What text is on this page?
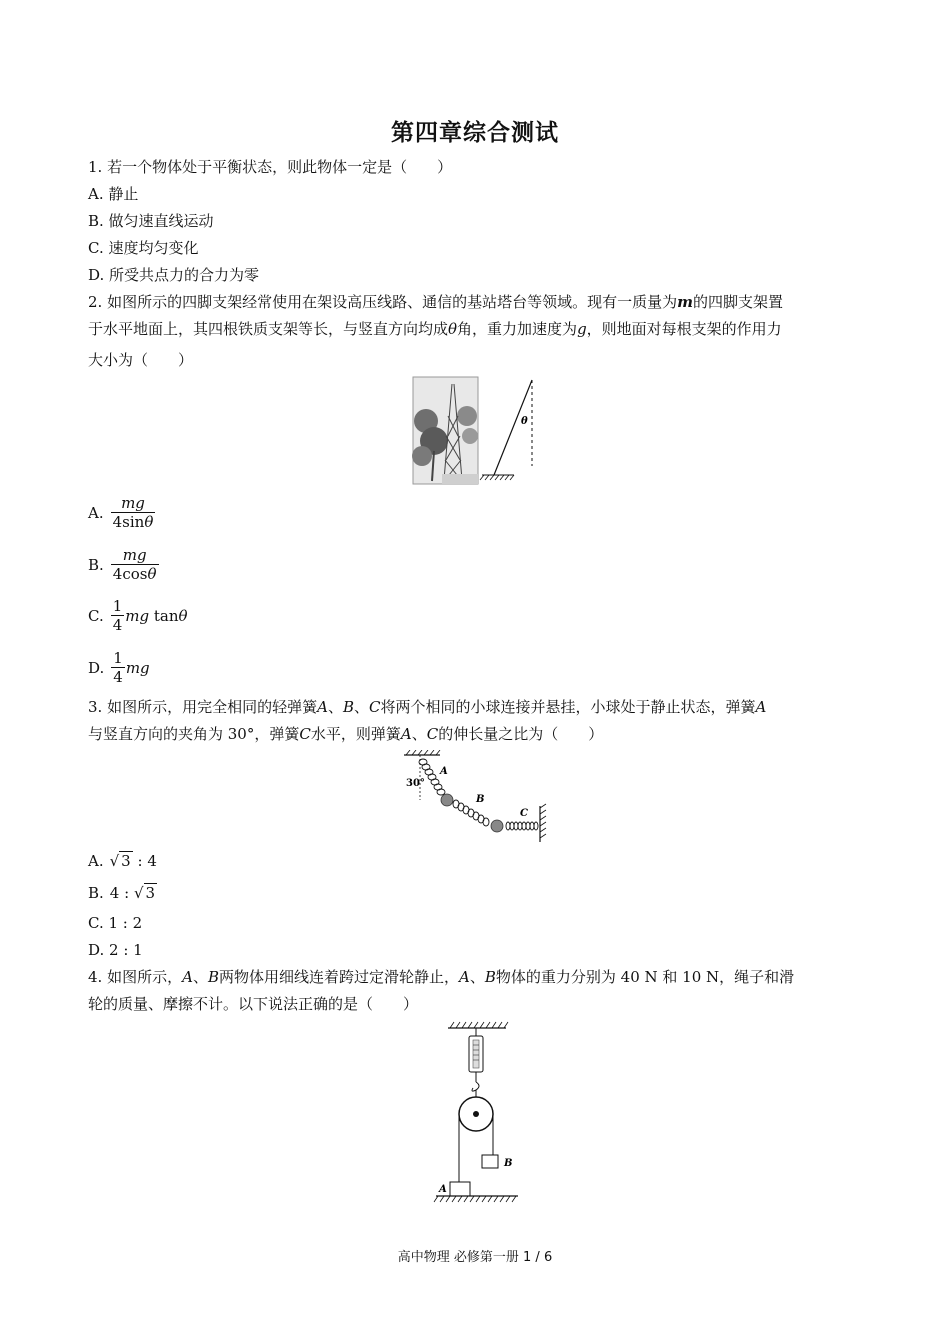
第四章综合测试
1. 若一个物体处于平衡状态，则此物体一定是（　　）
A. 静止
B. 做匀速直线运动
C. 速度均匀变化
D. 所受共点力的合力为零
2. 如图所示的四脚支架经常使用在架设高压线路、通信的基站塔台等领域。现有一质量为m的四脚支架置
于水平地面上，其四根铁质支架等长，与竖直方向均成θ角，重力加速度为g，则地面对每根支架的作用力
大小为（　　）
θ
A. $\frac{mg}{4\sin\theta}$
B. $\frac{mg}{4\cos\theta}$
C. $\frac{1}{4}$ mg
tan θ
D. $\frac{1}{4}$ mg
3. 如图所示，用完全相同的轻弹簧A、B、C将两个相同的小球连接并悬挂，小球处于静止状态，弹簧A
与竖直方向的夹角为 30°，弹簧C水平，则弹簧A、C的伸长量之比为（　　）
30°
A
B
C
A. √ 3
: 4
B. 4 :
√ 3
C. 1 : 2
D. 2 : 1
4. 如图所示，A、B两物体用细线连着跨过定滑轮静止，A、B物体的重力分别为 40 N 和 10 N，绳子和滑
轮的质量、摩擦不计。以下说法正确的是（　　）
B
A
高中物理 必修第一册 1 / 6
